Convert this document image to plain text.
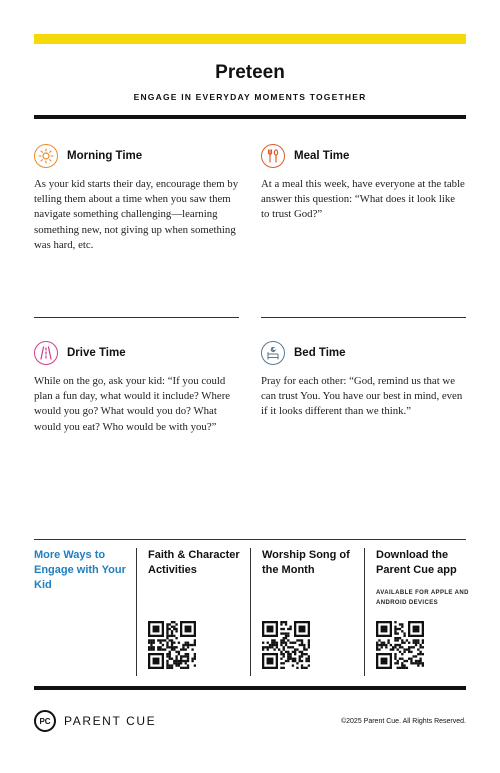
Preteen
ENGAGE IN EVERYDAY MOMENTS TOGETHER
Morning Time
As your kid starts their day, encourage them by telling them about a time when you saw them navigate something challenging—learning something new, not giving up when something was hard, etc.
Meal Time
At a meal this week, have everyone at the table answer this question: “What does it look like to trust God?”
Drive Time
While on the go, ask your kid: “If you could plan a fun day, what would it include? Where would you go? What would you do? What would you eat? Who would be with you?”
Bed Time
Pray for each other: “God, remind us that we can trust You. You have our best in mind, even if it looks different than we think.”
More Ways to Engage with Your Kid
Faith & Character Activities
Worship Song of the Month
Download the Parent Cue app
AVAILABLE FOR APPLE AND ANDROID DEVICES
PC	PARENT CUE	©2025 Parent Cue. All Rights Reserved.
